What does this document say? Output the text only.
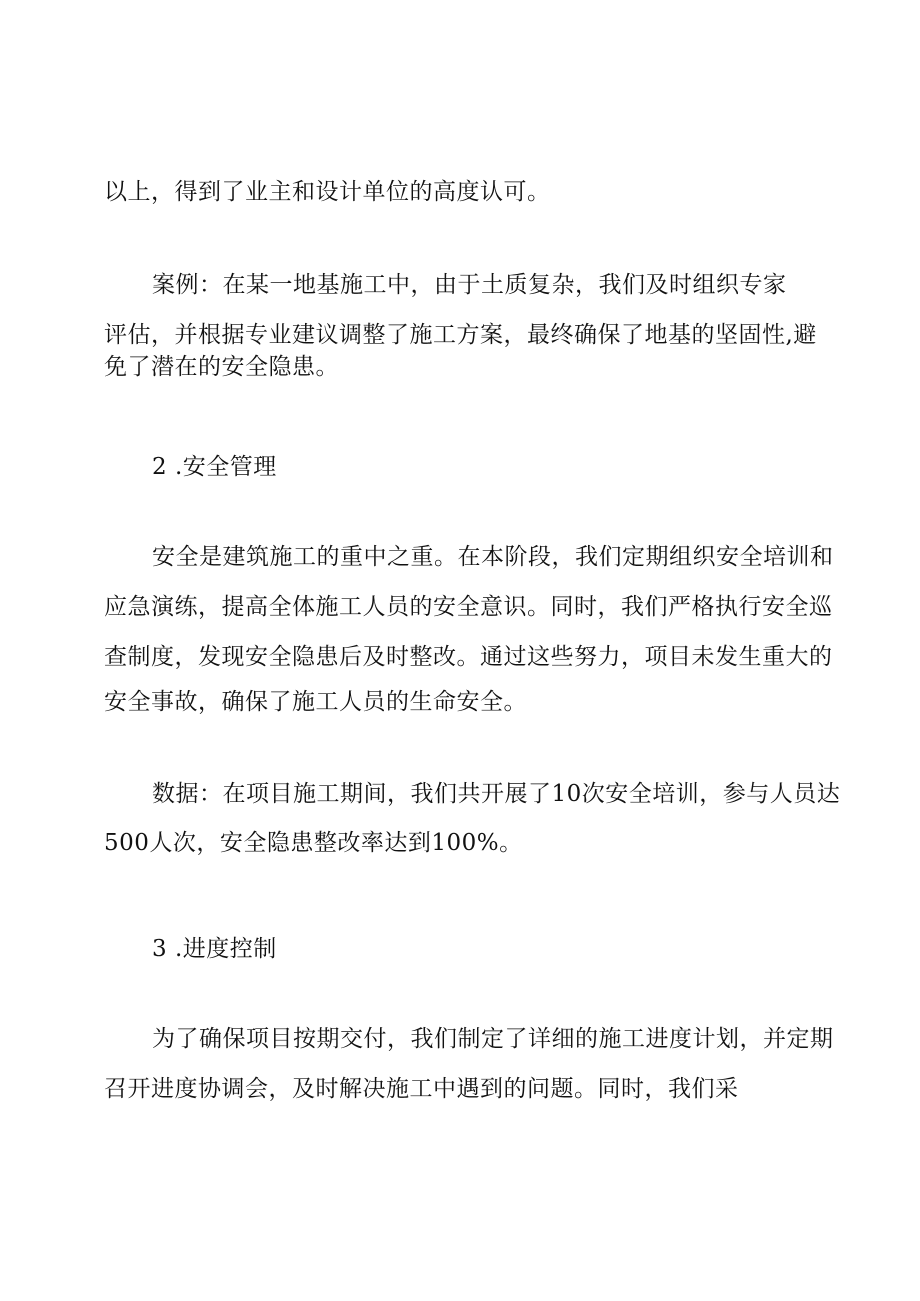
以上，得到了业主和设计单位的高度认可。
案例：在某一地基施工中，由于土质复杂，我们及时组织专家
评估，并根据专业建议调整了施工方案，最终确保了地基的坚固性,避
免了潜在的安全隐患。
2 .安全管理
安全是建筑施工的重中之重。在本阶段，我们定期组织安全培训和
应急演练，提高全体施工人员的安全意识。同时，我们严格执行安全巡
查制度，发现安全隐患后及时整改。通过这些努力，项目未发生重大的
安全事故，确保了施工人员的生命安全。
数据：在项目施工期间，我们共开展了10次安全培训，参与人员达
500人次，安全隐患整改率达到100%。
3 .进度控制
为了确保项目按期交付，我们制定了详细的施工进度计划，并定期
召开进度协调会，及时解决施工中遇到的问题。同时，我们采
